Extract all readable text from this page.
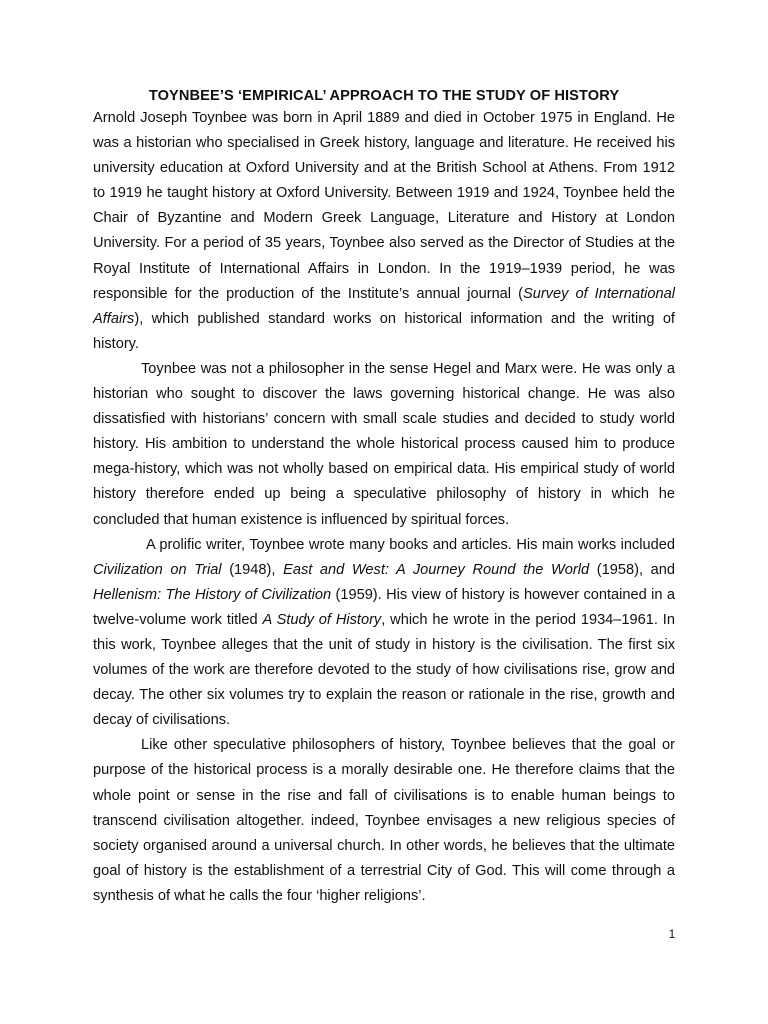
TOYNBEE’S ‘EMPIRICAL’ APPROACH TO THE STUDY OF HISTORY

Arnold Joseph Toynbee was born in April 1889 and died in October 1975 in England. He was a historian who specialised in Greek history, language and literature. He received his university education at Oxford University and at the British School at Athens. From 1912 to 1919 he taught history at Oxford University. Between 1919 and 1924, Toynbee held the Chair of Byzantine and Modern Greek Language, Literature and History at London University. For a period of 35 years, Toynbee also served as the Director of Studies at the Royal Institute of International Affairs in London. In the 1919–1939 period, he was responsible for the production of the Institute’s annual journal (Survey of International Affairs), which published standard works on historical information and the writing of history.

Toynbee was not a philosopher in the sense Hegel and Marx were. He was only a historian who sought to discover the laws governing historical change. He was also dissatisfied with historians’ concern with small scale studies and decided to study world history. His ambition to understand the whole historical process caused him to produce mega-history, which was not wholly based on empirical data. His empirical study of world history therefore ended up being a speculative philosophy of history in which he concluded that human existence is influenced by spiritual forces.

A prolific writer, Toynbee wrote many books and articles. His main works included Civilization on Trial (1948), East and West: A Journey Round the World (1958), and Hellenism: The History of Civilization (1959). His view of history is however contained in a twelve-volume work titled A Study of History, which he wrote in the period 1934–1961. In this work, Toynbee alleges that the unit of study in history is the civilisation. The first six volumes of the work are therefore devoted to the study of how civilisations rise, grow and decay. The other six volumes try to explain the reason or rationale in the rise, growth and decay of civilisations.

Like other speculative philosophers of history, Toynbee believes that the goal or purpose of the historical process is a morally desirable one. He therefore claims that the whole point or sense in the rise and fall of civilisations is to enable human beings to transcend civilisation altogether. indeed, Toynbee envisages a new religious species of society organised around a universal church. In other words, he believes that the ultimate goal of history is the establishment of a terrestrial City of God. This will come through a synthesis of what he calls the four ‘higher religions’.

1
